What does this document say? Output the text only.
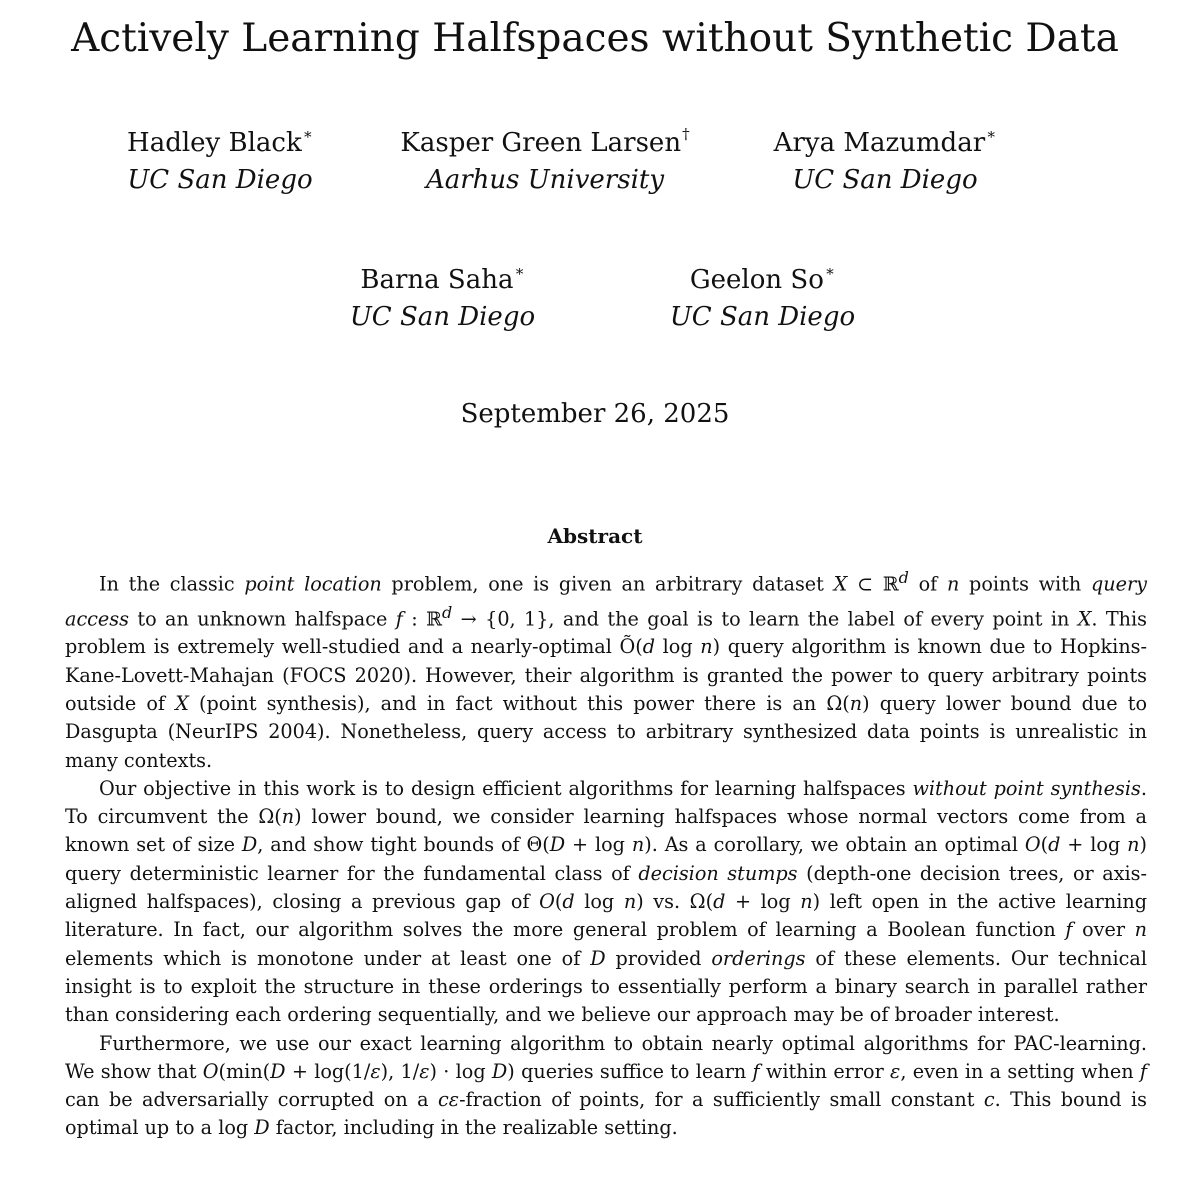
Actively Learning Halfspaces without Synthetic Data
Hadley Black∗
UC San Diego
Kasper Green Larsen†
Aarhus University
Arya Mazumdar∗
UC San Diego
Barna Saha∗
UC San Diego
Geelon So∗
UC San Diego
September 26, 2025
Abstract

In the classic point location problem, one is given an arbitrary dataset X ⊂ ℝ$^d$ of n points with query access to an unknown halfspace f : ℝ$^d$ → {0, 1}, and the goal is to learn the label of every point in X. This problem is extremely well-studied and a nearly-optimal Õ(d log n) query algorithm is known due to Hopkins-Kane-Lovett-Mahajan (FOCS 2020). However, their algorithm is granted the power to query arbitrary points outside of X (point synthesis), and in fact without this power there is an Ω(n) query lower bound due to Dasgupta (NeurIPS 2004). Nonetheless, query access to arbitrary synthesized data points is unrealistic in many contexts.

Our objective in this work is to design efficient algorithms for learning halfspaces without point synthesis. To circumvent the Ω(n) lower bound, we consider learning halfspaces whose normal vectors come from a known set of size D, and show tight bounds of Θ(D + log n). As a corollary, we obtain an optimal O(d + log n) query deterministic learner for the fundamental class of decision stumps (depth-one decision trees, or axis-aligned halfspaces), closing a previous gap of O(d log n) vs. Ω(d + log n) left open in the active learning literature. In fact, our algorithm solves the more general problem of learning a Boolean function f over n elements which is monotone under at least one of D provided orderings of these elements. Our technical insight is to exploit the structure in these orderings to essentially perform a binary search in parallel rather than considering each ordering sequentially, and we believe our approach may be of broader interest.

Furthermore, we use our exact learning algorithm to obtain nearly optimal algorithms for PAC-learning. We show that O(min(D + log(1/ε), 1/ε) · log D) queries suffice to learn f within error ε, even in a setting when f can be adversarially corrupted on a cε-fraction of points, for a sufficiently small constant c. This bound is optimal up to a log D factor, including in the realizable setting.
